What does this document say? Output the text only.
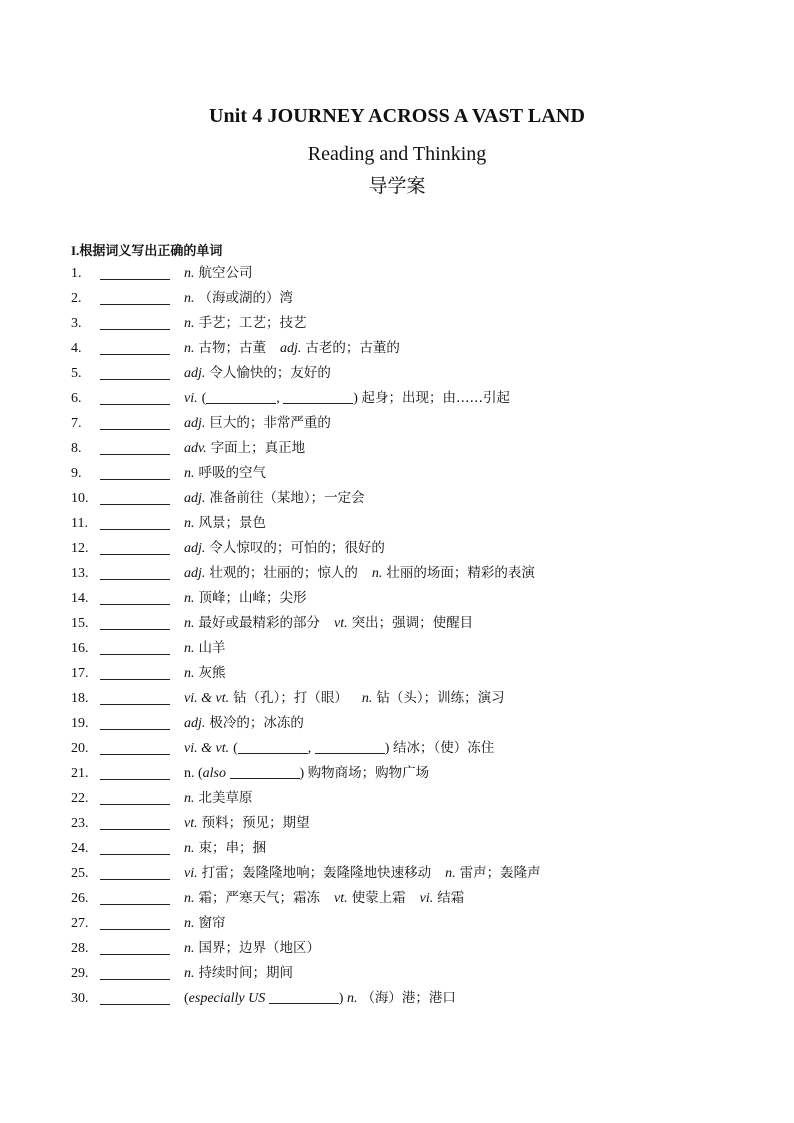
Unit 4 JOURNEY ACROSS A VAST LAND
Reading and Thinking
导学案
I.根据词义写出正确的单词
1.	n. 航空公司
2.	n. （海或湖的）湾
3.	n. 手艺；工艺；技艺
4.	n. 古物；古董 adj. 古老的；古董的
5.	adj. 令人愉快的；友好的
6.	vi. (	,	) 起身；出现；由……引起
7.	adj. 巨大的；非常严重的
8.	adv. 字面上；真正地
9.	n. 呼吸的空气
10.	adj. 准备前往（某地）；一定会
11.	n. 风景；景色
12.	adj. 令人惊叹的；可怕的；很好的
13.	adj. 壮观的；壮丽的；惊人的 n. 壮丽的场面；精彩的表演
14.	n. 顶峰；山峰；尖形
15.	n. 最好或最精彩的部分 vt. 突出；强调；使醒目
16.	n. 山羊
17.	n. 灰熊
18.	vi. & vt. 钻（孔）；打（眼） n. 钻（头）；训练；演习
19.	adj. 极冷的；冰冻的
20.	vi. & vt. (	,	) 结冰；（使）冻住
21.	n. (also	) 购物商场；购物广场
22.	n. 北美草原
23.	vt. 预料；预见；期望
24.	n. 束；串；捆
25.	vi. 打雷；轰隆隆地响；轰隆隆地快速移动 n. 雷声；轰隆声
26.	n. 霜；严寒天气；霜冻 vt. 使蒙上霜 vi. 结霜
27.	n. 窗帘
28.	n. 国界；边界（地区）
29.	n. 持续时间；期间
30.	(especially US	) n. （海）港；港口
